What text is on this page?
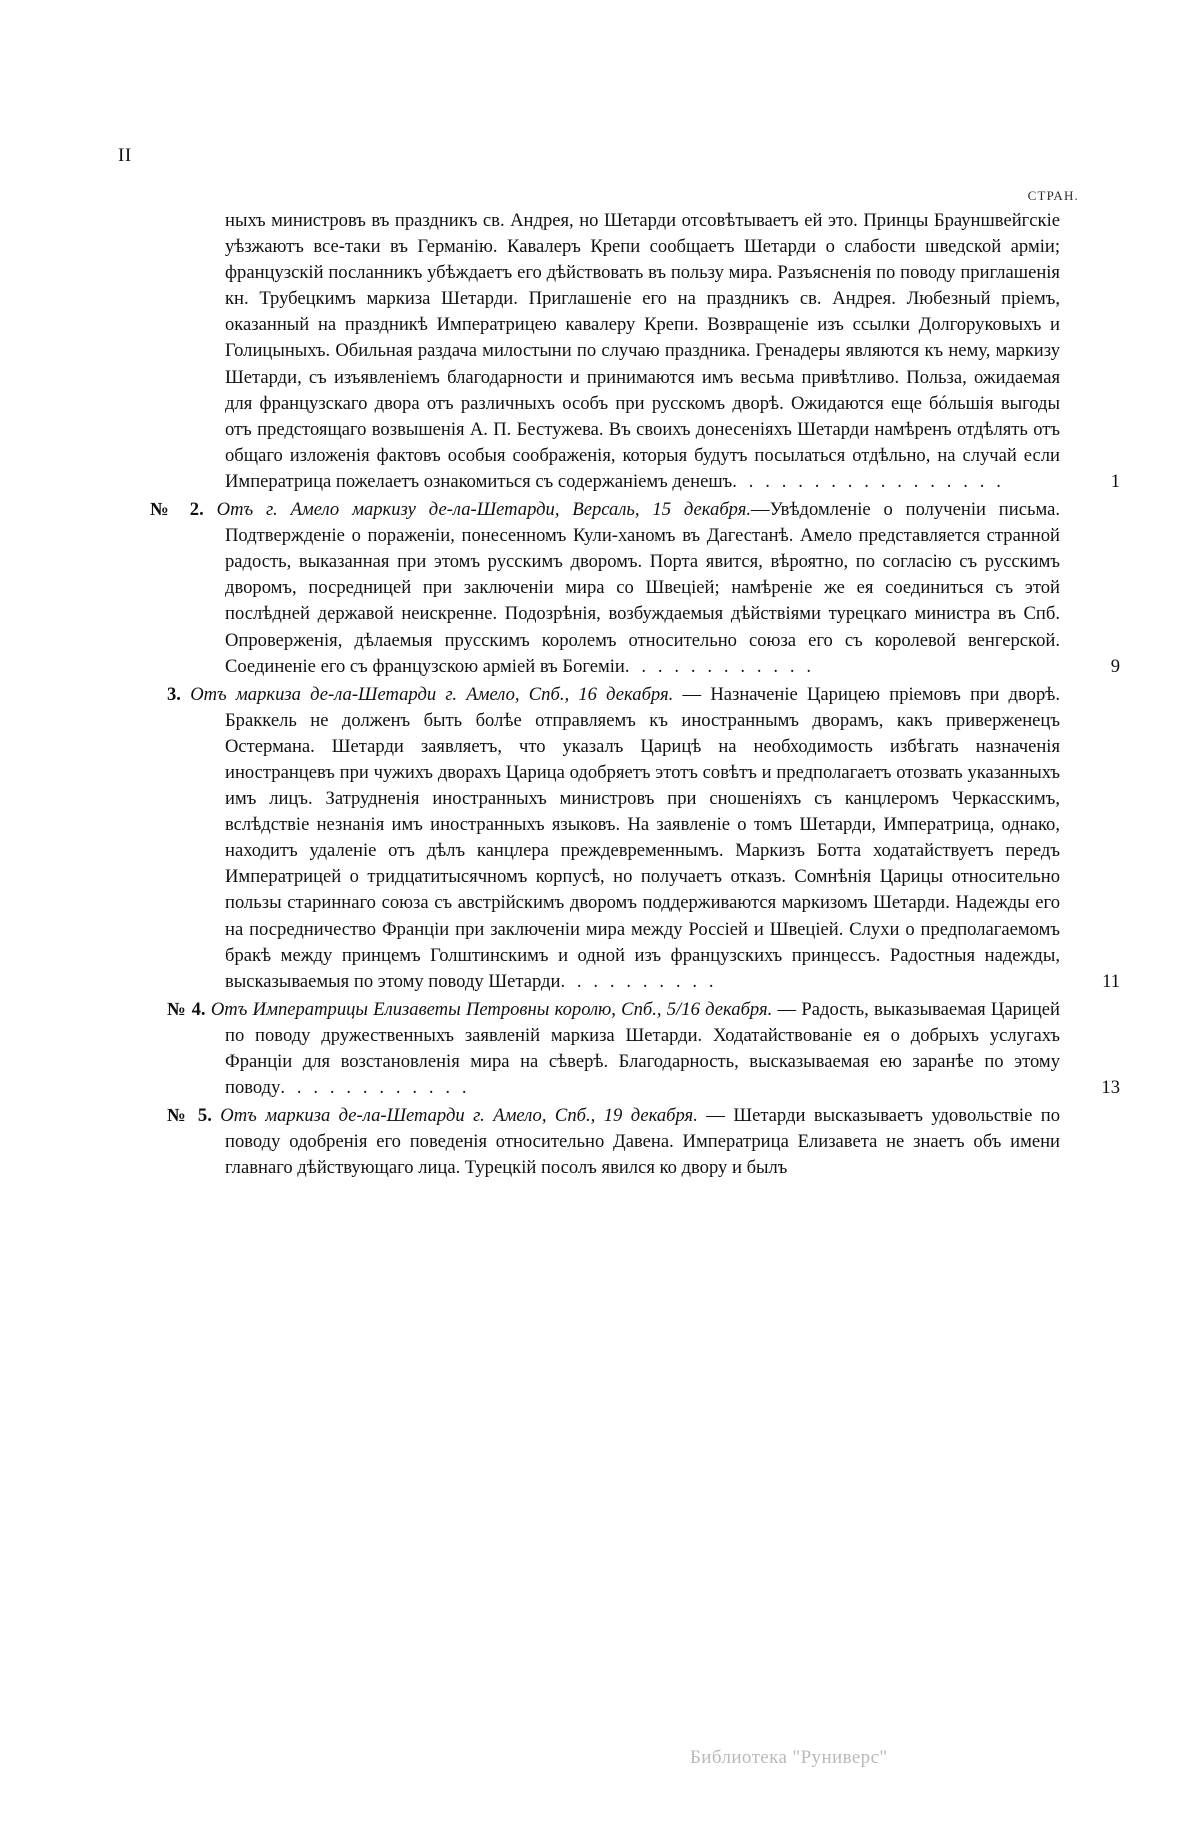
II
СТРАН.
ныхъ министровъ въ праздникъ св. Андрея, но Шетарди отсовѣтываетъ ей это. Принцы Брауншвейгскіе уѣзжаютъ все-таки въ Германію. Кавалеръ Крепи сообщаетъ Шетарди о слабости шведской арміи; французскій посланникъ убѣждаетъ его дѣйствовать въ пользу мира. Разъясненія по поводу приглашенія кн. Трубецкимъ маркиза Шетарди. Приглашеніе его на праздникъ св. Андрея. Любезный пріемъ, оказанный на праздникѣ Императрицею кавалеру Крепи. Возвращеніе изъ ссылки Долгоруковыхъ и Голицыныхъ. Обильная раздача милостыни по случаю праздника. Гренадеры являются къ нему, маркизу Шетарди, съ изъявленіемъ благодарности и принимаются имъ весьма привѣтливо. Польза, ожидаемая для французскаго двора отъ различныхъ особъ при русскомъ дворѣ. Ожидаются еще бóльшія выгоды отъ предстоящаго возвышенія А. П. Бестужева. Въ своихъ донесеніяхъ Шетарди намѣренъ отдѣлять отъ общаго изложенія фактовъ особыя соображенія, которыя будутъ посылаться отдѣльно, на случай если Императрица пожелаетъ ознакомиться съ содержаніемъ денешъ. . . . . . . . . . . . . . . . .	1
№ 2. Отъ г. Амело маркизу де-ла-Шетарди, Версаль, 15 декабря.—Увѣдомленіе о полученіи письма. Подтвержденіе о пораженіи, понесенномъ Кули-ханомъ въ Дагестанѣ. Амело представляется странной радость, выказанная при этомъ русскимъ дворомъ. Порта явится, вѣроятно, по согласію съ русскимъ дворомъ, посредницей при заключеніи мира со Швеціей; намѣреніе же ея соединиться съ этой послѣдней державой неискренне. Подозрѣнія, возбуждаемыя дѣйствіями турецкаго министра въ Спб. Опроверженія, дѣлаемыя прусскимъ королемъ относительно союза его съ королевой венгерской. Соединеніе его съ французскою арміей въ Богеміи. . . . . . . . . . . .	9
3. Отъ маркиза де-ла-Шетарди г. Амело, Спб., 16 декабря. — Назначеніе Царицею пріемовъ при дворѣ. Браккель не долженъ быть болѣе отправляемъ къ иностраннымъ дворамъ, какъ приверженецъ Остермана. Шетарди заявляетъ, что указалъ Царицѣ на необходимость избѣгать назначенія иностранцевъ при чужихъ дворахъ Царица одобряетъ этотъ совѣтъ и предполагаетъ отозвать указанныхъ имъ лицъ. Затрудненія иностранныхъ министровъ при сношеніяхъ съ канцлеромъ Черкасскимъ, вслѣдствіе незнанія имъ иностранныхъ языковъ. На заявленіе о томъ Шетарди, Императрица, однако, находитъ удаленіе отъ дѣлъ канцлера преждевременнымъ. Маркизъ Ботта ходатайствуетъ передъ Императрицей о тридцатитысячномъ корпусѣ, но получаетъ отказъ. Сомнѣнія Царицы относительно пользы стариннаго союза съ австрійскимъ дворомъ поддерживаются маркизомъ Шетарди. Надежды его на посредничество Франціи при заключеніи мира между Россіей и Швеціей. Слухи о предполагаемомъ бракѣ между принцемъ Голштинскимъ и одной изъ французскихъ принцессъ. Радостныя надежды, высказываемыя по этому поводу Шетарди. . . . . . . . . .	11
№ 4. Отъ Императрицы Елизаветы Петровны королю, Спб., 5/16 декабря. — Радость, выказываемая Царицей по поводу дружественныхъ заявленій маркиза Шетарди. Ходатайствованіе ея о добрыхъ услугахъ Франціи для возстановленія мира на сѣверѣ. Благодарность, высказываемая ею заранѣе по этому поводу. . . . . . . . . . . .	13
№ 5. Отъ маркиза де-ла-Шетарди г. Амело, Спб., 19 декабря. — Шетарди высказываетъ удовольствіе по поводу одобренія его поведенія относительно Давена. Императрица Елизавета не знаетъ объ имени главнаго дѣйствующаго лица. Турецкій посолъ явился ко двору и былъ
Библиотека "Руниверс"
